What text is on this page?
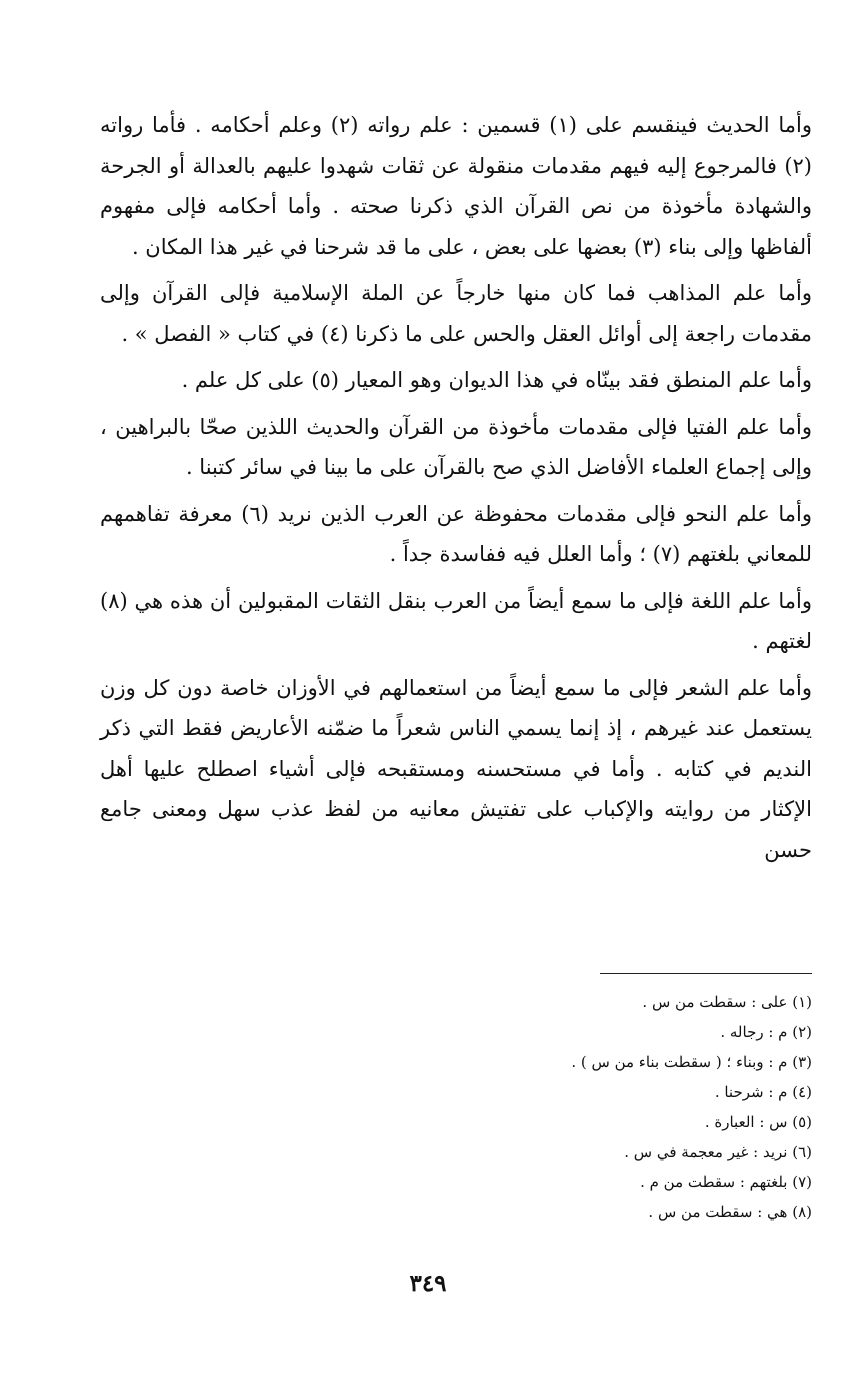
وأما الحديث فينقسم على (١) قسمين : علم رواته (٢) وعلم أحكامه . فأما رواته (٢) فالمرجوع إليه فيهم مقدمات منقولة عن ثقات شهدوا عليهم بالعدالة أو الجرحة والشهادة مأخوذة من نص القرآن الذي ذكرنا صحته . وأما أحكامه فإلى مفهوم ألفاظها وإلى بناء (٣) بعضها على بعض ، على ما قد شرحنا في غير هذا المكان .

وأما علم المذاهب فما كان منها خارجاً عن الملة الإسلامية فإلى القرآن وإلى مقدمات راجعة إلى أوائل العقل والحس على ما ذكرنا (٤) في كتاب « الفصل » .

وأما علم المنطق فقد بينّاه في هذا الديوان وهو المعيار (٥) على كل علم .

وأما علم الفتيا فإلى مقدمات مأخوذة من القرآن والحديث اللذين صحّا بالبراهين ، وإلى إجماع العلماء الأفاضل الذي صح بالقرآن على ما بينا في سائر كتبنا .

وأما علم النحو فإلى مقدمات محفوظة عن العرب الذين نريد (٦) معرفة تفاهمهم للمعاني بلغتهم (٧) ؛ وأما العلل فيه ففاسدة جداً .

وأما علم اللغة فإلى ما سمع أيضاً من العرب بنقل الثقات المقبولين أن هذه هي (٨) لغتهم .

وأما علم الشعر فإلى ما سمع أيضاً من استعمالهم في الأوزان خاصة دون كل وزن يستعمل عند غيرهم ، إذ إنما يسمي الناس شعراً ما ضمّنه الأعاريض فقط التي ذكر النديم في كتابه . وأما في مستحسنه ومستقبحه فإلى أشياء اصطلح عليها أهل الإكثار من روايته والإكباب على تفتيش معانيه من لفظ عذب سهل ومعنى جامع حسن

(١) على : سقطت من س .
(٢) م : رجاله .
(٣) م : وبناء ؛ ( سقطت بناء من س ) .
(٤) م : شرحنا .
(٥) س : العبارة .
(٦) نريد : غير معجمة في س .
(٧) بلغتهم : سقطت من م .
(٨) هي : سقطت من س .
٣٤٩
